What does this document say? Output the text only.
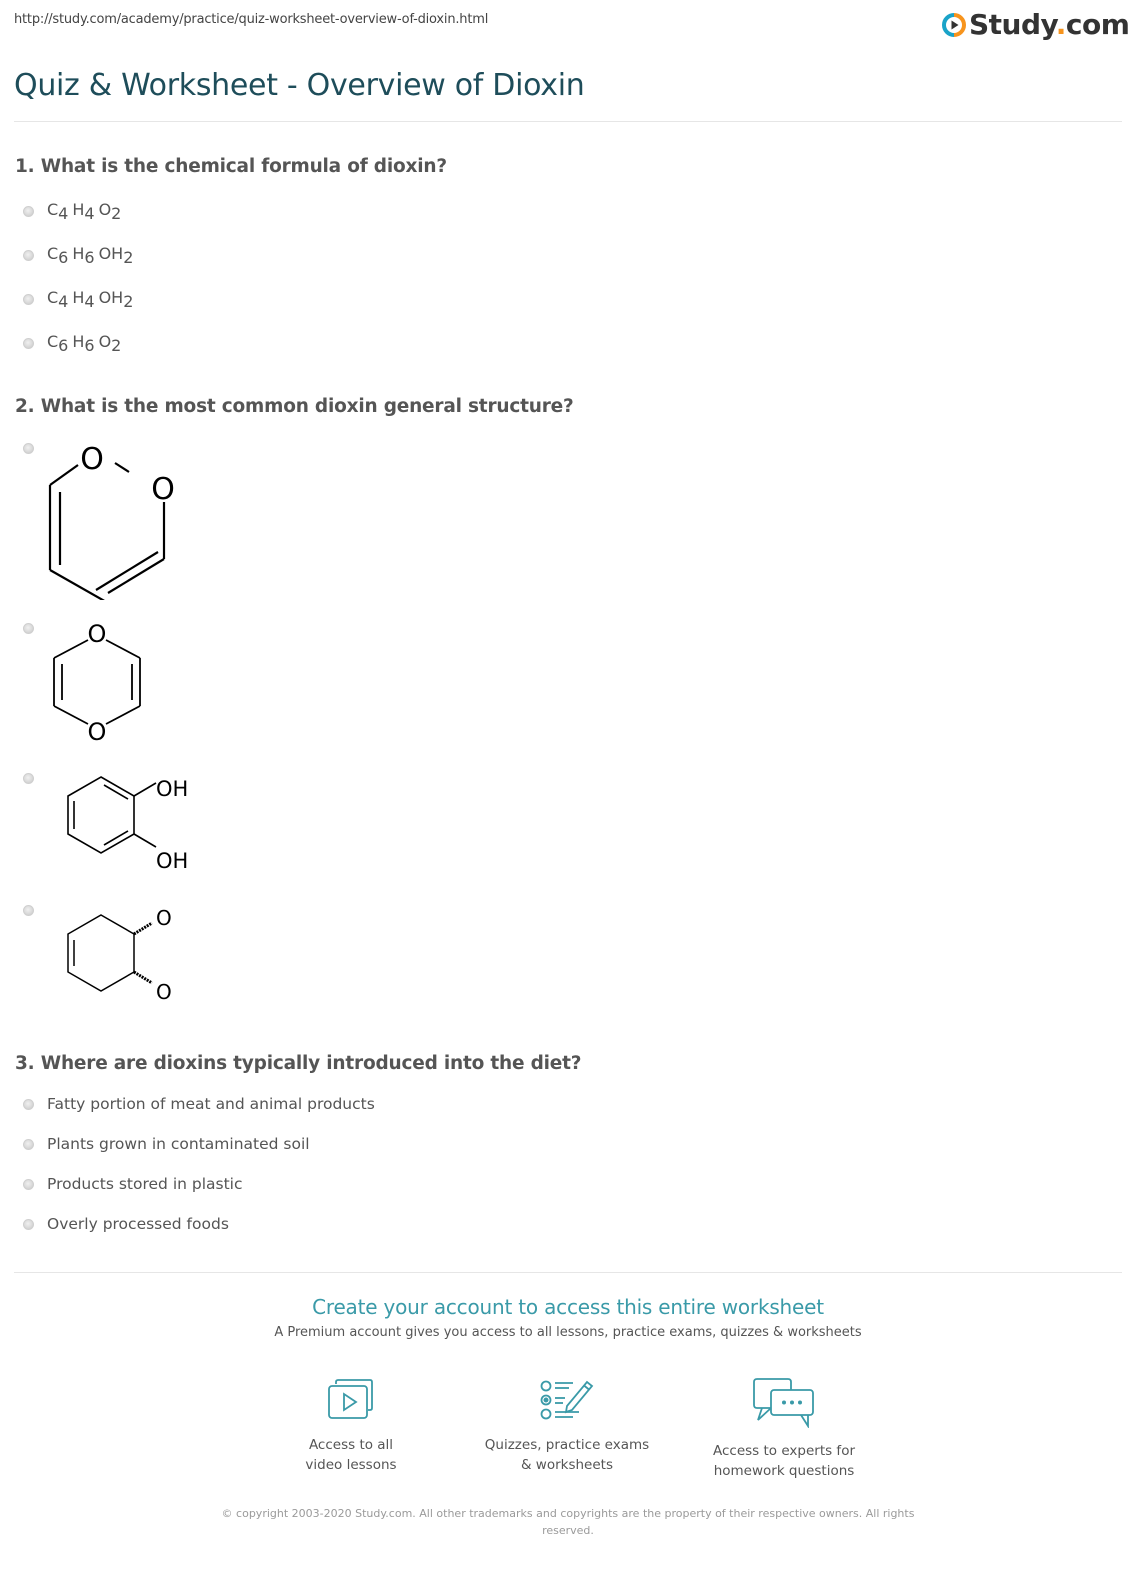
http://study.com/academy/practice/quiz-worksheet-overview-of-dioxin.html	Study.com
Quiz & Worksheet - Overview of Dioxin
1. What is the chemical formula of dioxin?
$C_4$ $H_4$ $O_2$
$C_6$ $H_6$ $OH_2$
$C_4$ $H_4$ $OH_2$
$C_6$ $H_6$ $O_2$
2. What is the most common dioxin general structure?
O
O
O
O
OH
OH
O
O
3. Where are dioxins typically introduced into the diet?
Fatty portion of meat and animal products
Plants grown in contaminated soil
Products stored in plastic
Overly processed foods
Create your account to access this entire worksheet
A Premium account gives you access to all lessons, practice exams, quizzes & worksheets
Access to all
video lessons
Quizzes, practice exams
& worksheets
Access to experts for
homework questions
© copyright 2003-2020 Study.com. All other trademarks and copyrights are the property of their respective owners. All rights reserved.
